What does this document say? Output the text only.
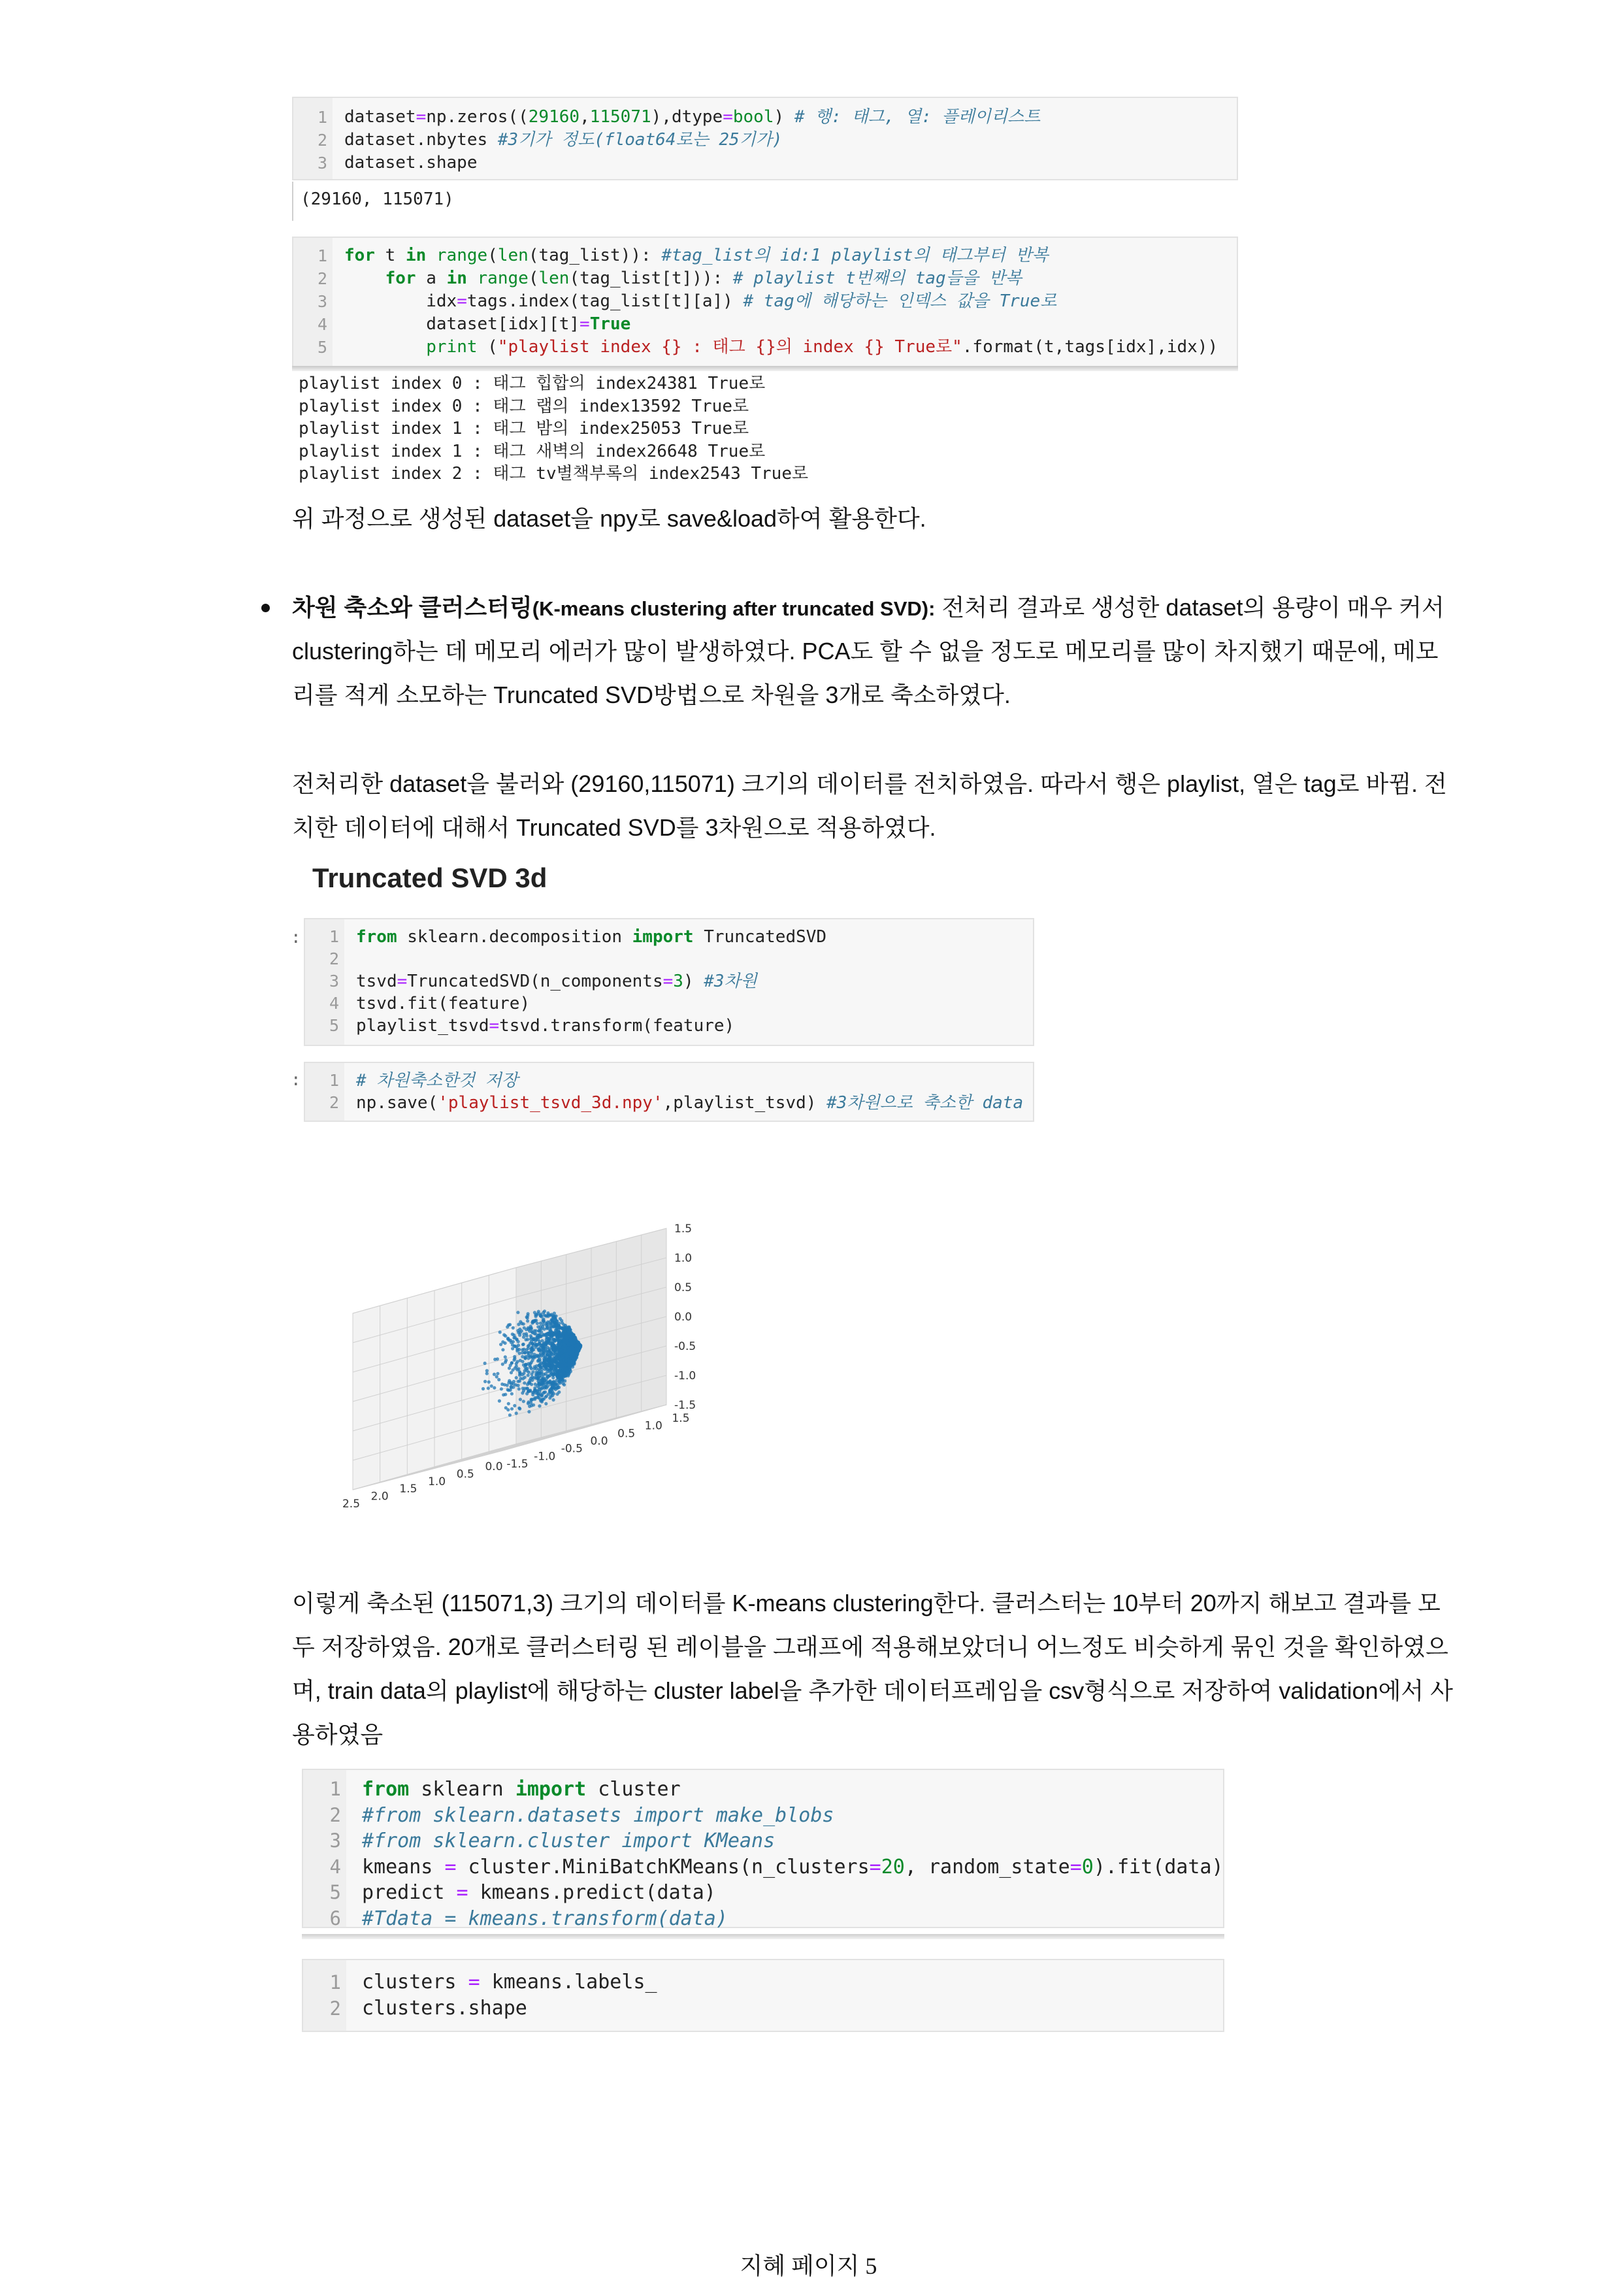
1
2
3
dataset=np.zeros((29160,115071),dtype=bool) # 행: 태그, 열: 플레이리스트
dataset.nbytes #3기가 정도(float64로는 25기가)
dataset.shape
(29160, 115071)
1
2
3
4
5
for t in range(len(tag_list)): #tag_list의 id:1 playlist의 태그부터 반복
for a in range(len(tag_list[t])): # playlist t번째의 tag들을 반복
idx=tags.index(tag_list[t][a]) # tag에 해당하는 인덱스 값을 True로
dataset[idx][t]=True
print ("playlist index {} : 태그 {}의 index {} True로".format(t,tags[idx],idx))
playlist index 0 : 태그 힙합의 index24381 True로
playlist index 0 : 태그 랩의 index13592 True로
playlist index 1 : 태그 밤의 index25053 True로
playlist index 1 : 태그 새벽의 index26648 True로
playlist index 2 : 태그 tv별책부록의 index2543 True로
위 과정으로 생성된 dataset을 npy로 save&load하여 활용한다.
차원 축소와 클러스터링(K-means clustering after truncated SVD): 전처리 결과로 생성한 dataset의 용량이 매우 커서
clustering하는 데 메모리 에러가 많이 발생하였다. PCA도 할 수 없을 정도로 메모리를 많이 차지했기 때문에, 메모
리를 적게 소모하는 Truncated SVD방법으로 차원을 3개로 축소하였다.
전처리한 dataset을 불러와 (29160,115071) 크기의 데이터를 전치하였음. 따라서 행은 playlist, 열은 tag로 바뀜. 전
치한 데이터에 대해서 Truncated SVD를 3차원으로 적용하였다.
Truncated SVD 3d
:	1
2
3
4
5
from sklearn.decomposition import TruncatedSVD
tsvd=TruncatedSVD(n_components=3) #3차원
tsvd.fit(feature)
playlist_tsvd=tsvd.transform(feature)
:	1
2
# 차원축소한것 저장
np.save('playlist_tsvd_3d.npy',playlist_tsvd) #3차원으로 축소한 data
0.0
0.5
1.0
1.5
2.0
2.5
-1.5
-1.0
-0.5
0.0
0.5
1.0
1.5
-1.5
-1.0
-0.5
0.0
0.5
1.0
1.5
이렇게 축소된 (115071,3) 크기의 데이터를 K-means clustering한다. 클러스터는 10부터 20까지 해보고 결과를 모
두 저장하였음. 20개로 클러스터링 된 레이블을 그래프에 적용해보았더니 어느정도 비슷하게 묶인 것을 확인하였으
며, train data의 playlist에 해당하는 cluster label을 추가한 데이터프레임을 csv형식으로 저장하여 validation에서 사
용하였음
1
2
3
4
5
6
from sklearn import cluster
#from sklearn.datasets import make_blobs
#from sklearn.cluster import KMeans
kmeans = cluster.MiniBatchKMeans(n_clusters=20, random_state=0).fit(data)
predict = kmeans.predict(data)
#Tdata = kmeans.transform(data)
1
2
clusters = kmeans.labels_
clusters.shape
지혜 페이지 5
